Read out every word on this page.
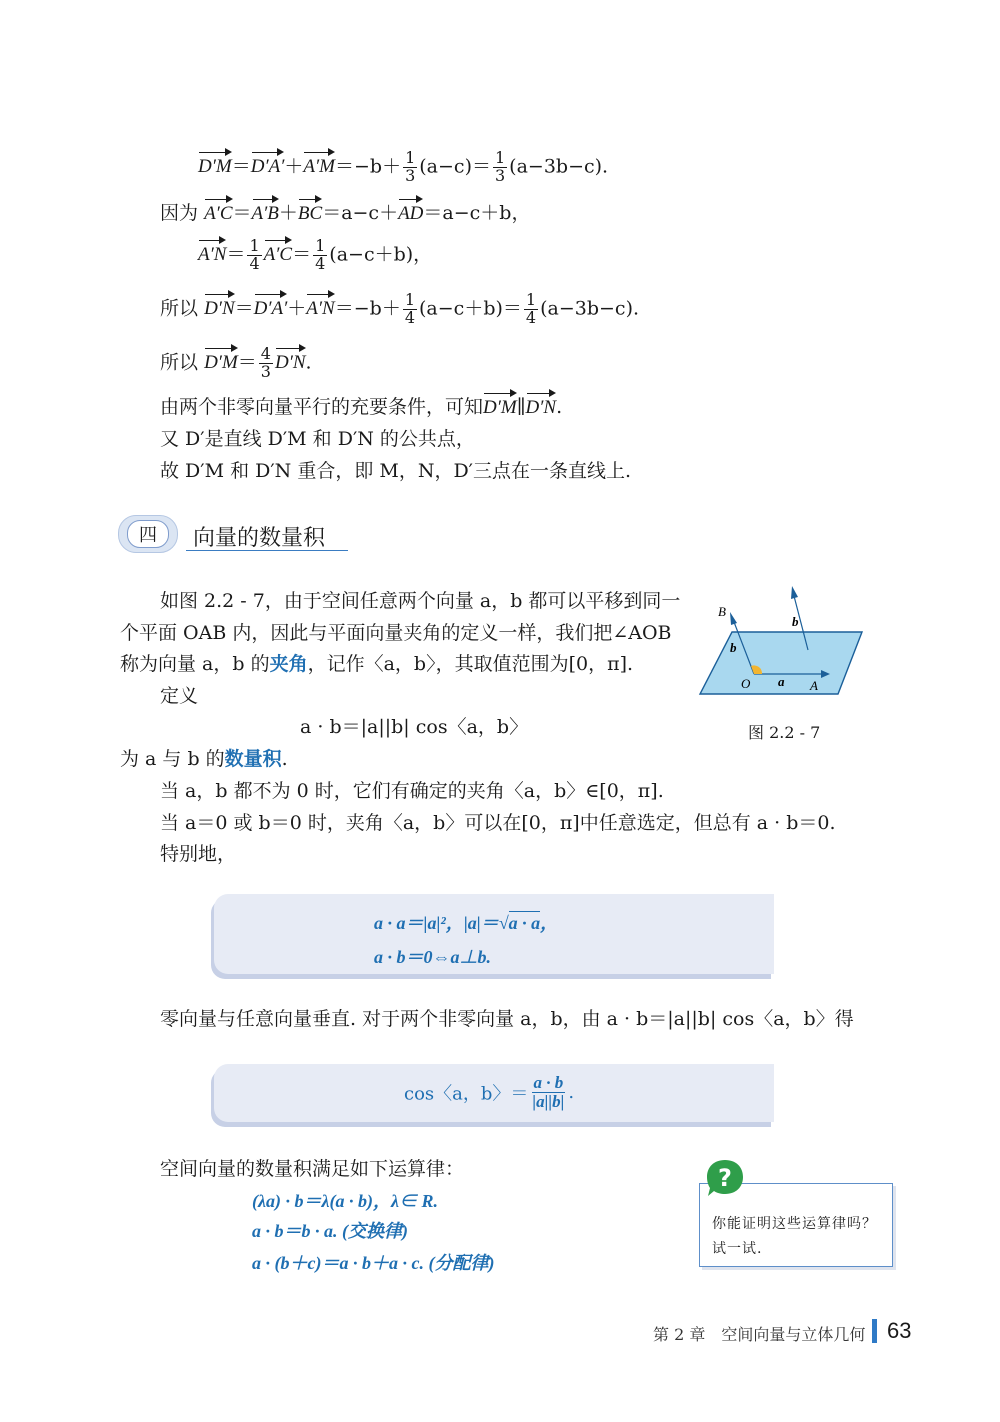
$D'M=D'A'+A'M=-b+ \frac{1}{3} (a-c)= \frac{1}{3} (a-3b-c)$.
因为 A′C＝A′B＋BC＝a−c＋AD＝a−c＋b，
$A'N= \frac{1}{4} A'C= \frac{1}{4} (a-c+b)$，
所以 $D'N=D'A'+A'N=-b+ \frac{1}{4} (a-c+b)= \frac{1}{4} (a-3b-c)$.
所以 $D'M= \frac{4}{3} D'N$.
由两个非零向量平行的充要条件，可知D′M∥D′N.
又 D′是直线 D′M 和 D′N 的公共点，
故 D′M 和 D′N 重合，即 M，N，D′三点在一条直线上.
四	向量的数量积
如图 2.2 - 7，由于空间任意两个向量 a，b 都可以平移到同一
个平面 OAB 内，因此与平面向量夹角的定义一样，我们把∠AOB
称为向量 a，b 的夹角，记作〈a，b〉，其取值范围为[0，π].
定义
a · b＝|a||b| cos〈a，b〉
为 a 与 b 的数量积.
当 a，b 都不为 0 时，它们有确定的夹角〈a，b〉∈[0，π].
当 a＝0 或 b＝0 时，夹角〈a，b〉可以在[0，π]中任意选定，但总有 a · b＝0.
特别地，
B
b
b
O a A
图 2.2 - 7
a · a＝|a|²，|a|＝√a · a，
a · b＝0⇔a⊥b.
零向量与任意向量垂直. 对于两个非零向量 a，b，由 a · b＝|a||b| cos〈a，b〉得
cos〈a，b〉＝ $\frac{a \cdot b}{|a||b|}$ .
空间向量的数量积满足如下运算律：
(λa) · b＝λ(a · b)，λ∈ R.
a · b＝b · a. (交换律)
a · (b＋c)＝a · b＋a · c. (分配律)
你能证明这些运算律吗？试一试.
?
第 2 章　空间向量与立体几何 63
